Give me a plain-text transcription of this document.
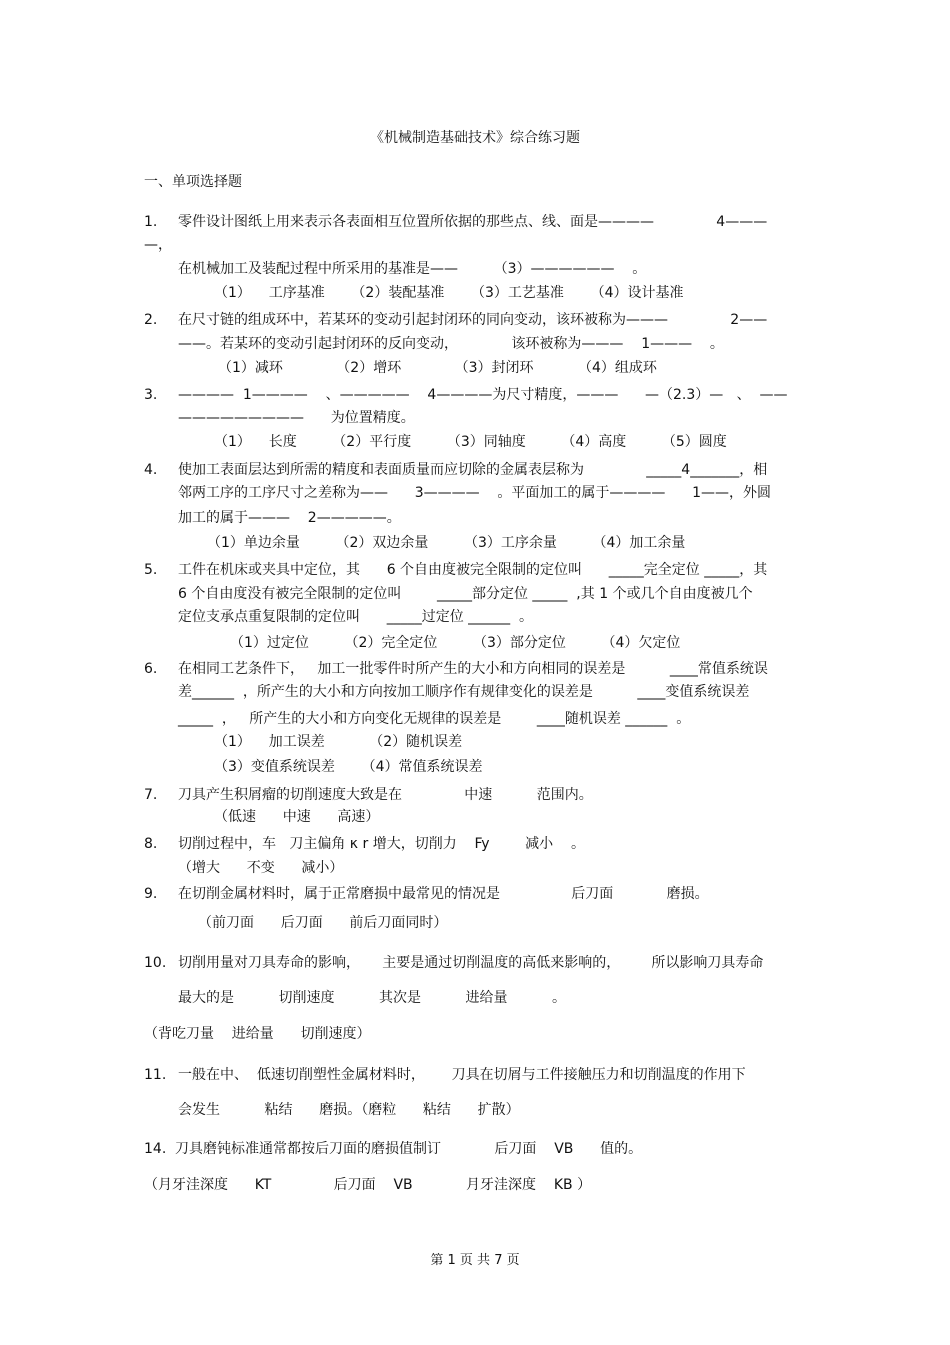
《机械制造基础技术》综合练习题
一、单项选择题
1. 零件设计图纸上用来表示各表面相互位置所依据的那些点、线、面是————              4———
—，
在机械加工及装配过程中所采用的基准是——        （3）——————    。
（1）    工序基准      （2）装配基准      （3）工艺基准      （4）设计基准
2. 在尺寸链的组成环中，若某环的变动引起封闭环的同向变动，该环被称为———              2——
——。若某环的变动引起封闭环的反向变动，            该环被称为———    1———    。
（1）减环            （2）增环            （3）封闭环          （4）组成环
3. ————  1————    、—————    4————为尺寸精度，———      —（2.3）—   、  ——
—————————      为位置精度。
（1）    长度        （2）平行度        （3）同轴度        （4）高度        （5）圆度
4. 使加工表面层达到所需的精度和表面质量而应切除的金属表层称为              _____4_______，相
邻两工序的工序尺寸之差称为——      3————    。平面加工的属于————      1——，外圆
加工的属于———    2—————。
（1）单边余量        （2）双边余量        （3）工序余量        （4）加工余量
5. 工件在机床或夹具中定位，其      6 个自由度被完全限制的定位叫      _____完全定位 _____，其
6 个自由度没有被完全限制的定位叫        _____部分定位 _____  ,其 1 个或几个自由度被几个
定位支承点重复限制的定位叫      _____过定位 ______  。
（1）过定位        （2）完全定位        （3）部分定位        （4）欠定位
6. 在相同工艺条件下，   加工一批零件时所产生的大小和方向相同的误差是          ____常值系统误
差______  ，所产生的大小和方向按加工顺序作有规律变化的误差是          ____变值系统误差
_____  ，   所产生的大小和方向变化无规律的误差是        ____随机误差 ______  。
（1）    加工误差          （2）随机误差
（3）变值系统误差      （4）常值系统误差
7. 刀具产生积屑瘤的切削速度大致是在              中速          范围内。
（低速      中速      高速）
8. 切削过程中，车   刀主偏角 κ r 增大，切削力    Fy        减小    。
（增大      不变      减小）
9. 在切削金属材料时，属于正常磨损中最常见的情况是                后刀面            磨损。
（前刀面      后刀面      前后刀面同时）
10. 切削用量对刀具寿命的影响，     主要是通过切削温度的高低来影响的，       所以影响刀具寿命
最大的是          切削速度          其次是          进给量          。
（背吃刀量    进给量      切削速度）
11. 一般在中、  低速切削塑性金属材料时，      刀具在切屑与工件接触压力和切削温度的作用下
会发生          粘结      磨损。（磨粒      粘结      扩散）
14. 刀具磨钝标准通常都按后刀面的磨损值制订            后刀面    VB      值的。
（月牙洼深度      KT              后刀面    VB            月牙洼深度    KB ）
第 1 页 共 7 页
